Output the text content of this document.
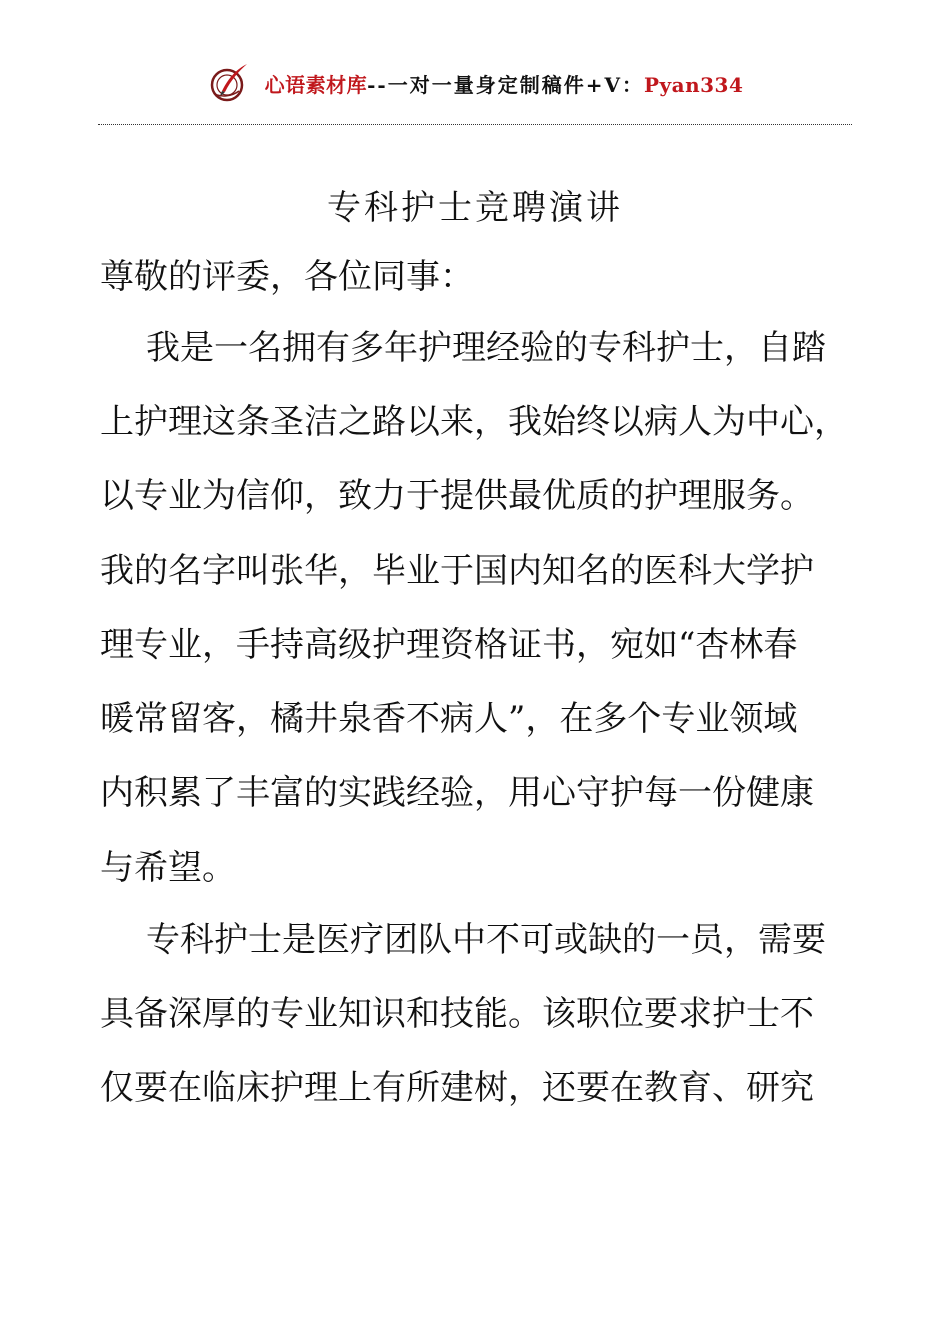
心语素材库--一对一量身定制稿件+V：Pyan334
专科护士竞聘演讲
尊敬的评委，各位同事：
我是一名拥有多年护理经验的专科护士，自踏
上护理这条圣洁之路以来，我始终以病人为中心，
以专业为信仰，致力于提供最优质的护理服务。
我的名字叫张华，毕业于国内知名的医科大学护
理专业，手持高级护理资格证书，宛如“杏林春
暖常留客，橘井泉香不病人”，在多个专业领域
内积累了丰富的实践经验，用心守护每一份健康
与希望。
专科护士是医疗团队中不可或缺的一员，需要
具备深厚的专业知识和技能。该职位要求护士不
仅要在临床护理上有所建树，还要在教育、研究
